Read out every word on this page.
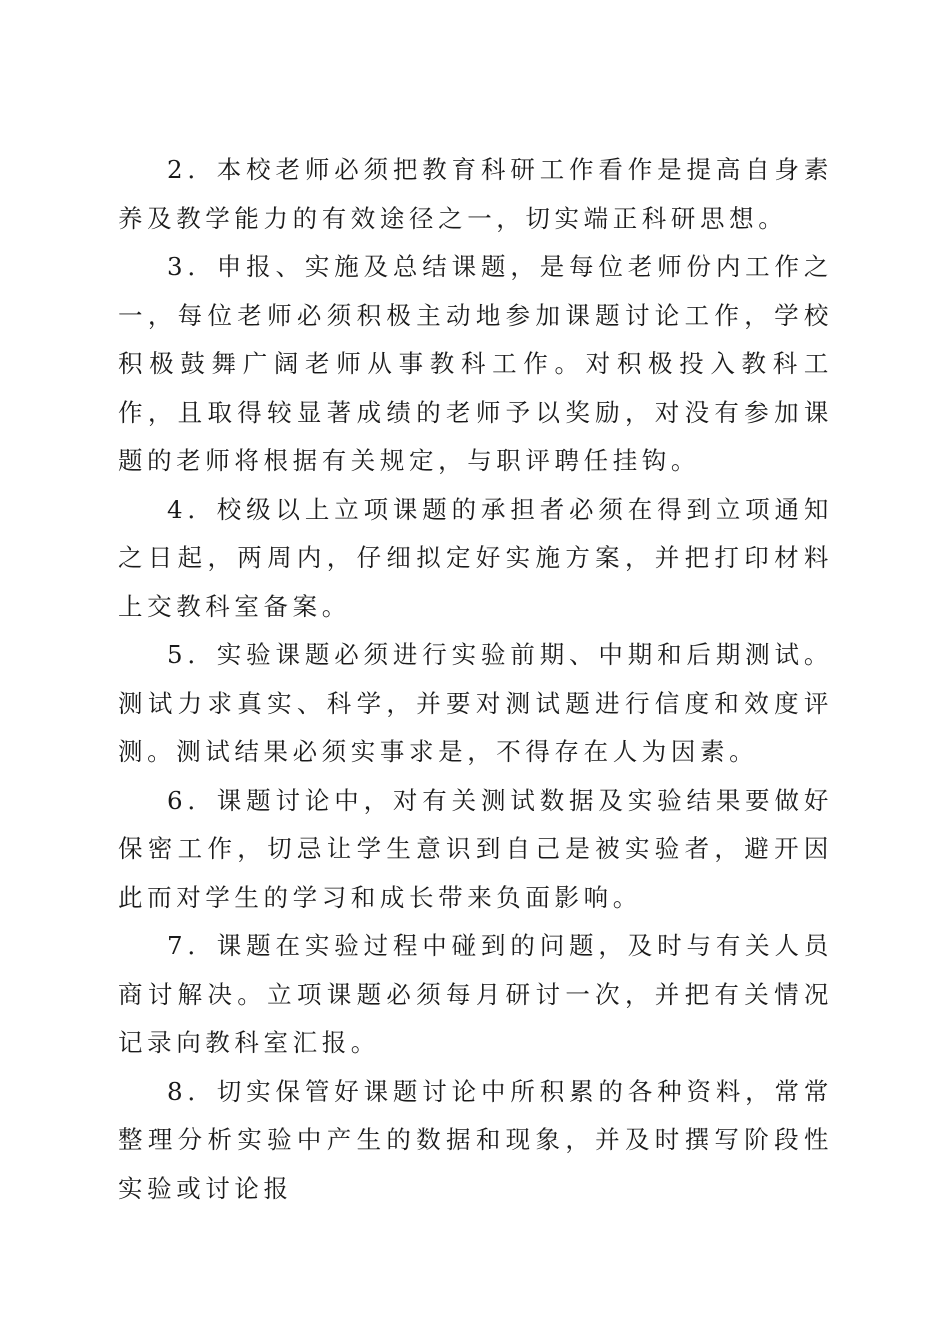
2．本校老师必须把教育科研工作看作是提高自身素养及教学能力的有效途径之一，切实端正科研思想。

3．申报、实施及总结课题，是每位老师份内工作之一，每位老师必须积极主动地参加课题讨论工作，学校积极鼓舞广阔老师从事教科工作。对积极投入教科工作，且取得较显著成绩的老师予以奖励，对没有参加课题的老师将根据有关规定，与职评聘任挂钩。

4．校级以上立项课题的承担者必须在得到立项通知之日起，两周内，仔细拟定好实施方案，并把打印材料上交教科室备案。

5．实验课题必须进行实验前期、中期和后期测试。测试力求真实、科学，并要对测试题进行信度和效度评测。测试结果必须实事求是，不得存在人为因素。

6．课题讨论中，对有关测试数据及实验结果要做好保密工作，切忌让学生意识到自己是被实验者，避开因此而对学生的学习和成长带来负面影响。

7．课题在实验过程中碰到的问题，及时与有关人员商讨解决。立项课题必须每月研讨一次，并把有关情况记录向教科室汇报。

8．切实保管好课题讨论中所积累的各种资料，常常整理分析实验中产生的数据和现象，并及时撰写阶段性实验或讨论报
